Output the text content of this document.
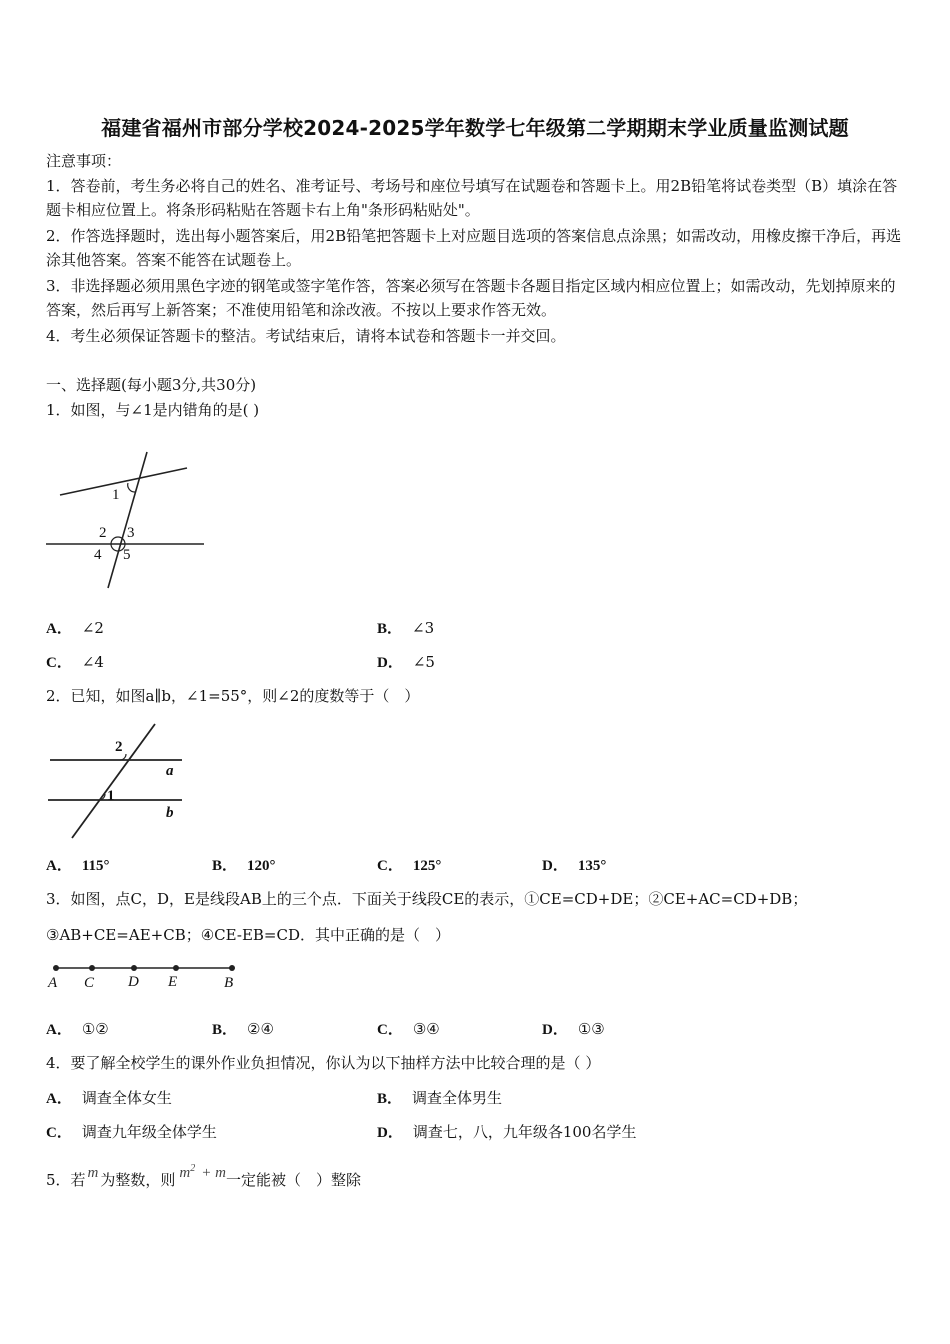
福建省福州市部分学校2024-2025学年数学七年级第二学期期末学业质量监测试题
注意事项：
1．答卷前，考生务必将自己的姓名、准考证号、考场号和座位号填写在试题卷和答题卡上。用2B铅笔将试卷类型（B）填涂在答题卡相应位置上。将条形码粘贴在答题卡右上角"条形码粘贴处"。
2．作答选择题时，选出每小题答案后，用2B铅笔把答题卡上对应题目选项的答案信息点涂黑；如需改动，用橡皮擦干净后，再选涂其他答案。答案不能答在试题卷上。
3．非选择题必须用黑色字迹的钢笔或签字笔作答，答案必须写在答题卡各题目指定区域内相应位置上；如需改动，先划掉原来的答案，然后再写上新答案；不准使用铅笔和涂改液。不按以上要求作答无效。
4．考生必须保证答题卡的整洁。考试结束后，请将本试卷和答题卡一并交回。
一、选择题(每小题3分,共30分)
1．如图，与∠1是内错角的是( )
1
2 3
4 5
A． ∠2	B． ∠3
C． ∠4	D． ∠5
2．已知，如图a∥b，∠1=55°，则∠2的度数等于（　）
2
1
a
b
A． 115°	B． 120°	C． 125°	D． 135°
3．如图，点C，D，E是线段AB上的三个点．下面关于线段CE的表示，①CE=CD+DE；②CE+AC=CD+DB；
③AB+CE=AE+CB；④CE-EB=CD．其中正确的是（　）
A C D E	B
A． ①②	B． ②④	C． ③④	D． ①③
4．要了解全校学生的课外作业负担情况，你认为以下抽样方法中比较合理的是（ ）
A． 调查全体女生	B． 调查全体男生
C． 调查九年级全体学生	D． 调查七，八，九年级各100名学生
5．若 m 为整数，则 $m^2 + m$一定能被（　）整除
